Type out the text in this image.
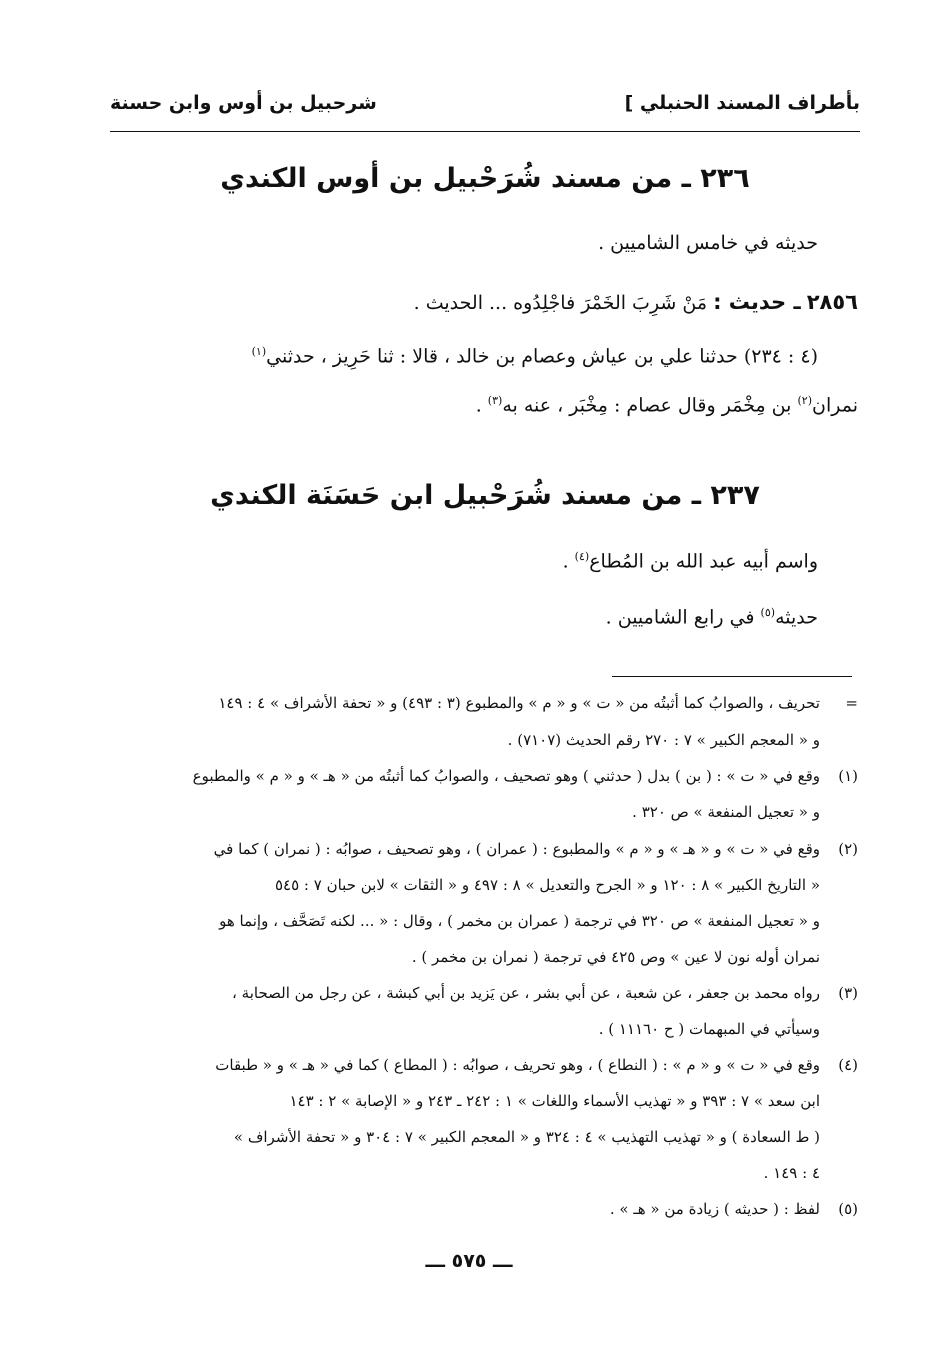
بأطراف المسند الحنبلي ]
شرحبيل بن أوس وابن حسنة
٢٣٦ ـ من مسند شُرَحْبيل بن أوس الكندي
حديثه في خامس الشاميين .
٢٨٥٦ ـ حديث : مَنْ شَرِبَ الخَمْرَ فاجْلِدُوه ... الحديث .
(٤ : ٢٣٤) حدثنا علي بن عياش وعصام بن خالد ، قالا : ثنا حَرِيز ، حدثني$^{(١)}$
نمران$^{(٢)}$ بن مِخْمَر وقال عصام : مِخْبَر ، عنه به$^{(٣)}$ .
٢٣٧ ـ من مسند شُرَحْبيل ابن حَسَنَة الكندي
واسم أبيه عبد الله بن المُطاع$^{(٤)}$ .
حديثه$^{(٥)}$ في رابع الشاميين .
=تحريف ، والصوابُ كما أثبتُه من « ت » و « م » والمطبوع (٣ : ٤٩٣) و « تحفة الأشراف » ٤ : ١٤٩
و « المعجم الكبير » ٧ : ٢٧٠ رقم الحديث (٧١٠٧) .
(١)وقع في « ت » : ( بن ) بدل ( حدثني ) وهو تصحيف ، والصوابُ كما أثبتُه من « هـ » و « م » والمطبوع
و « تعجيل المنفعة » ص ٣٢٠ .
(٢)وقع في « ت » و « هـ » و « م » والمطبوع : ( عمران ) ، وهو تصحيف ، صوابُه : ( نمران ) كما في
« التاريخ الكبير » ٨ : ١٢٠ و « الجرح والتعديل » ٨ : ٤٩٧ و « الثقات » لابن حبان ٧ : ٥٤٥
و « تعجيل المنفعة » ص ٣٢٠ في ترجمة ( عمران بن مخمر ) ، وقال : « ... لكنه تَصَحَّف ، وإنما هو
نمران أوله نون لا عين » وص ٤٢٥ في ترجمة ( نمران بن مخمر ) .
(٣)رواه محمد بن جعفر ، عن شعبة ، عن أبي بشر ، عن يَزيد بن أبي كبشة ، عن رجل من الصحابة ،
وسيأتي في المبهمات ( ح ١١١٦٠ ) .
(٤)وقع في « ت » و « م » : ( النطاع ) ، وهو تحريف ، صوابُه : ( المطاع ) كما في « هـ » و « طبقات
ابن سعد » ٧ : ٣٩٣ و « تهذيب الأسماء واللغات » ١ : ٢٤٢ ـ ٢٤٣ و « الإصابة » ٢ : ١٤٣
( ط السعادة ) و « تهذيب التهذيب » ٤ : ٣٢٤ و « المعجم الكبير » ٧ : ٣٠٤ و « تحفة الأشراف »
٤ : ١٤٩ .
(٥)لفظ : ( حديثه ) زيادة من « هـ » .
ـــ ٥٧٥ ـــ
